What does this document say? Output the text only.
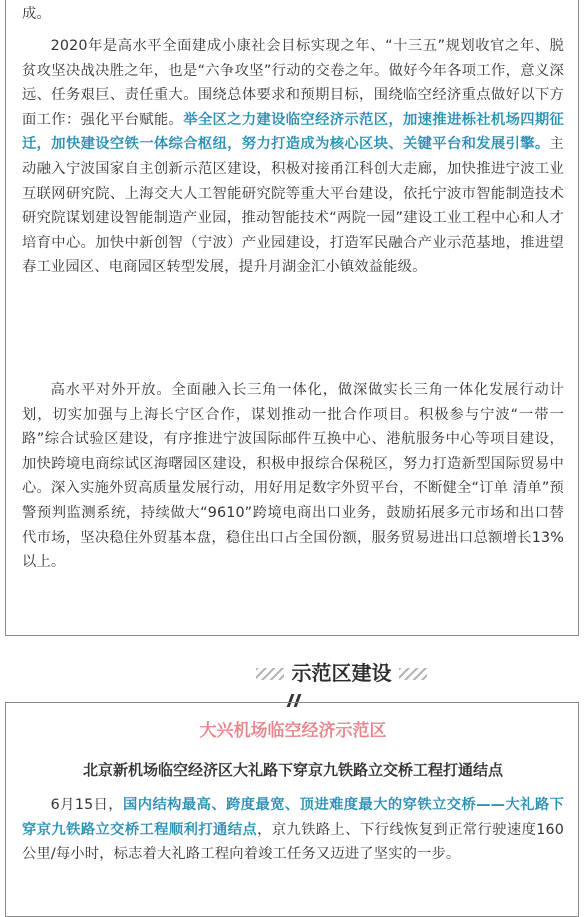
成。

2020年是高水平全面建成小康社会目标实现之年、“十三五”规划收官之年、脱贫攻坚决战决胜之年，也是“六争攻坚”行动的交卷之年。做好今年各项工作，意义深远、任务艰巨、责任重大。围绕总体要求和预期目标，围绕临空经济重点做好以下方面工作：强化平台赋能。举全区之力建设临空经济示范区，加速推进栎社机场四期征迁，加快建设空铁一体综合枢纽，努力打造成为核心区块、关键平台和发展引擎。主动融入宁波国家自主创新示范区建设，积极对接甬江科创大走廊，加快推进宁波工业互联网研究院、上海交大人工智能研究院等重大平台建设，依托宁波市智能制造技术研究院谋划建设智能制造产业园，推动智能技术“两院一园”建设工业工程中心和人才培育中心。加快中新创智（宁波）产业园建设，打造军民融合产业示范基地，推进望春工业园区、电商园区转型发展，提升月湖金汇小镇效益能级。

高水平对外开放。全面融入长三角一体化，做深做实长三角一体化发展行动计划，切实加强与上海长宁区合作，谋划推动一批合作项目。积极参与宁波“一带一路”综合试验区建设，有序推进宁波国际邮件互换中心、港航服务中心等项目建设，加快跨境电商综试区海曙园区建设，积极申报综合保税区，努力打造新型国际贸易中心。深入实施外贸高质量发展行动，用好用足数字外贸平台，不断健全“订单 清单”预警预判监测系统，持续做大“9610”跨境电商出口业务，鼓励拓展多元市场和出口替代市场，坚决稳住外贸基本盘，稳住出口占全国份额，服务贸易进出口总额增长13%以上。

示范区建设
大兴机场临空经济示范区
北京新机场临空经济区大礼路下穿京九铁路立交桥工程打通结点

6月15日，国内结构最高、跨度最宽、顶进难度最大的穿铁立交桥——大礼路下穿京九铁路立交桥工程顺利打通结点，京九铁路上、下行线恢复到正常行驶速度160公里/每小时，标志着大礼路工程向着竣工任务又迈进了坚实的一步。
